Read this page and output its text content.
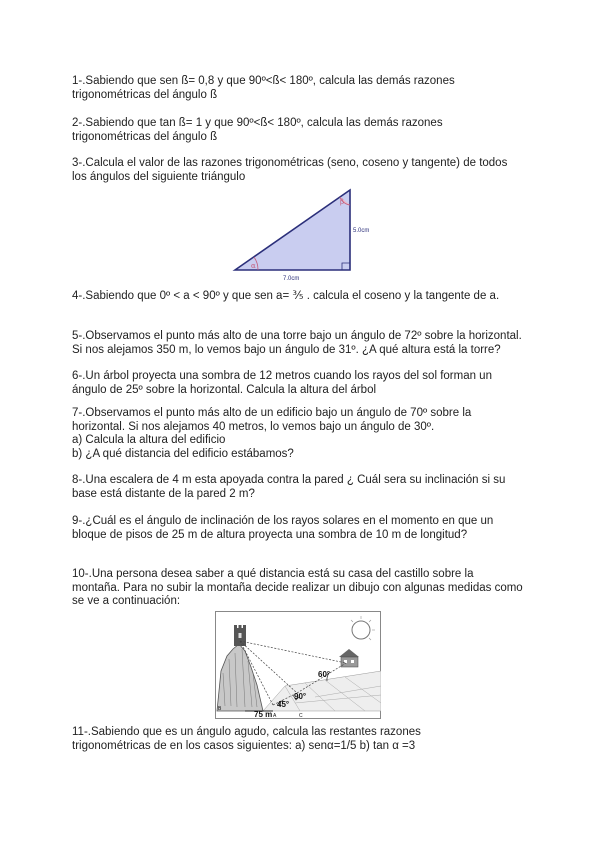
1-.Sabiendo que sen ß= 0,8 y que 90º<ß< 180º, calcula las demás razones
trigonométricas del ángulo ß
2-.Sabiendo que tan ß= 1 y que 90º<ß< 180º, calcula las demás razones
trigonométricas del ángulo ß
3-.Calcula el valor de las razones trigonométricas (seno, coseno y tangente) de todos
los ángulos del siguiente triángulo
β
α
5.0cm
7.0cm
4-.Sabiendo que 0º < a < 90º y que sen a= ⅗ . calcula el coseno y la tangente de a.
5-.Observamos el punto más alto de una torre bajo un ángulo de 72º sobre la horizontal.
Si nos alejamos 350 m, lo vemos bajo un ángulo de 31º. ¿A qué altura está la torre?
6-.Un árbol proyecta una sombra de 12 metros cuando los rayos del sol forman un
ángulo de 25º sobre la horizontal. Calcula la altura del árbol
7-.Observamos el punto más alto de un edificio bajo un ángulo de 70º sobre la
horizontal. Si nos alejamos 40 metros, lo vemos bajo un ángulo de 30º.
a) Calcula la altura del edificio
b) ¿A qué distancia del edificio estábamos?
8-.Una escalera de 4 m esta apoyada contra la pared ¿ Cuál sera su inclinación si su
base está distante de la pared 2 m?
9-.¿Cuál es el ángulo de inclinación de los rayos solares en el momento en que un
bloque de pisos de 25 m de altura proyecta una sombra de 10 m de longitud?
10-.Una persona desea saber a qué distancia está su casa del castillo sobre la
montaña. Para no subir la montaña decide realizar un dibujo con algunas medidas como
se ve a continuación:
60°
45°
90°
75 m A
B
C
11-.Sabiendo que es un ángulo agudo, calcula las restantes razones
trigonométricas de en los casos siguientes: a) senα=1/5 b) tan α =3
